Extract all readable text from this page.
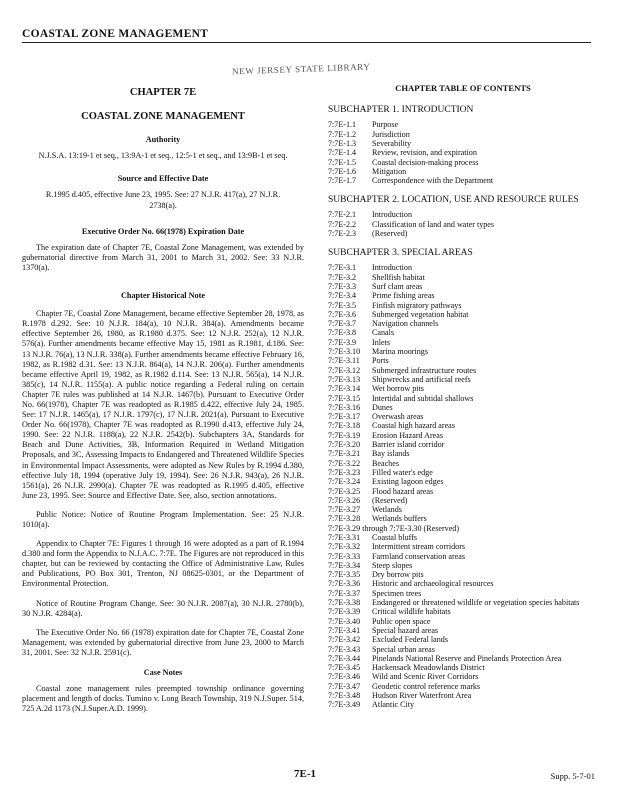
COASTAL ZONE MANAGEMENT
NEW JERSEY STATE LIBRARY
CHAPTER 7E
COASTAL ZONE MANAGEMENT
Authority

N.J.S.A. 13:19-1 et seq., 13:9A-1 et seq., 12:5-1 et seq., and 13:9B-1 et seq.

Source and Effective Date

R.1995 d.405, effective June 23, 1995. See: 27 N.J.R. 417(a), 27 N.J.R. 2738(a).

Executive Order No. 66(1978) Expiration Date

The expiration date of Chapter 7E, Coastal Zone Management, was extended by gubernatorial directive from March 31, 2001 to March 31, 2002. See: 33 N.J.R. 1370(a).

Chapter Historical Note

Chapter 7E, Coastal Zone Management, became effective September 28, 1978, as R.1978 d.292. See: 10 N.J.R. 184(a), 10 N.J.R. 384(a). Amendments became effective September 26, 1980, as R.1980 d.375. See: 12 N.J.R. 252(a), 12 N.J.R. 576(a). Further amendments became effective May 15, 1981 as R.1981, d.186. See: 13 N.J.R. 76(a), 13 N.J.R. 338(a). Further amendments became effective February 16, 1982, as R.1982 d.31. See: 13 N.J.R. 864(a), 14 N.J.R. 206(a). Further amendments became effective April 19, 1982, as R.1982 d.114. See: 13 N.J.R. 565(a), 14 N.J.R. 385(c), 14 N.J.R. 1155(a). A public notice regarding a Federal ruling on certain Chapter 7E rules was published at 14 N.J.R. 1467(b). Pursuant to Executive Order No. 66(1978), Chapter 7E was readopted as R.1985 d.422, effective July 24, 1985. See: 17 N.J.R. 1465(a), 17 N.J.R. 1797(c), 17 N.J.R. 2021(a). Pursuant to Executive Order No. 66(1978), Chapter 7E was readopted as R.1990 d.413, effective July 24, 1990. See: 22 N.J.R. 1188(a), 22 N.J.R. 2542(b). Subchapters 3A, Standards for Beach and Dune Activities, 3B, Information Required in Wetland Mitigation Proposals, and 3C, Assessing Impacts to Endangered and Threatened Wildlife Species in Environmental Impact Assessments, were adopted as New Rules by R.1994 d.380, effective July 18, 1994 (operative July 19, 1994). See: 26 N.J.R. 943(a), 26 N.J.R. 1561(a), 26 N.J.R. 2990(a). Chapter 7E was readopted as R.1995 d.405, effective June 23, 1995. See: Source and Effective Date. See, also, section annotations.

Public Notice: Notice of Routine Program Implementation. See: 25 N.J.R. 1010(a).

Appendix to Chapter 7E: Figures 1 through 16 were adopted as a part of R.1994 d.380 and form the Appendix to N.J.A.C. 7:7E. The Figures are not reproduced in this chapter, but can be reviewed by contacting the Office of Administrative Law, Rules and Publications, PO Box 301, Trenton, NJ 08625-0301, or the Department of Environmental Protection.

Notice of Routine Program Change. See: 30 N.J.R. 2087(a), 30 N.J.R. 2780(b), 30 N.J.R. 4284(a).

The Executive Order No. 66 (1978) expiration date for Chapter 7E, Coastal Zone Management, was extended by gubernatorial directive from June 23, 2000 to March 31, 2001. See: 32 N.J.R. 2591(c).

Case Notes

Coastal zone management rules preempted township ordinance governing placement and length of docks. Tumino v. Long Beach Township, 319 N.J.Super. 514, 725 A.2d 1173 (N.J.Super.A.D. 1999).

CHAPTER TABLE OF CONTENTS

SUBCHAPTER 1. INTRODUCTION

7:7E-1.1	Purpose
7:7E-1.2	Jurisdiction
7:7E-1.3	Severability
7:7E-1.4	Review, revision, and expiration
7:7E-1.5	Coastal decision-making process
7:7E-1.6	Mitigation
7:7E-1.7	Correspondence with the Department

SUBCHAPTER 2. LOCATION, USE AND RESOURCE RULES

7:7E-2.1	Introduction
7:7E-2.2	Classification of land and water types
7:7E-2.3	(Reserved)

SUBCHAPTER 3. SPECIAL AREAS

7:7E-3.1	Introduction
7:7E-3.2	Shellfish habitat
7:7E-3.3	Surf clam areas
7:7E-3.4	Prime fishing areas
7:7E-3.5	Finfish migratory pathways
7:7E-3.6	Submerged vegetation habitat
7:7E-3.7	Navigation channels
7:7E-3.8	Canals
7:7E-3.9	Inlets
7:7E-3.10	Marina moorings
7:7E-3.11	Ports
7:7E-3.12	Submerged infrastructure routes
7:7E-3.13	Shipwrecks and artificial reefs
7:7E-3.14	Wet borrow pits
7:7E-3.15	Intertidal and subtidal shallows
7:7E-3.16	Dunes
7:7E-3.17	Overwash areas
7:7E-3.18	Coastal high hazard areas
7:7E-3.19	Erosion Hazard Areas
7:7E-3.20	Barrier island corridor
7:7E-3.21	Bay islands
7:7E-3.22	Beaches
7:7E-3.23	Filled water's edge
7:7E-3.24	Existing lagoon edges
7:7E-3.25	Flood hazard areas
7:7E-3.26	(Reserved)
7:7E-3.27	Wetlands
7:7E-3.28	Wetlands buffers
7:7E-3.29 through 7:7E-3.30 (Reserved)
7:7E-3.31	Coastal bluffs
7:7E-3.32	Intermittent stream corridors
7:7E-3.33	Farmland conservation areas
7:7E-3.34	Steep slopes
7:7E-3.35	Dry borrow pits
7:7E-3.36	Historic and archaeological resources
7:7E-3.37	Specimen trees
7:7E-3.38	Endangered or threatened wildlife or vegetation species habitats
7:7E-3.39	Critical wildlife habitats
7:7E-3.40	Public open space
7:7E-3.41	Special hazard areas
7:7E-3.42	Excluded Federal lands
7:7E-3.43	Special urban areas
7:7E-3.44	Pinelands National Reserve and Pinelands Protection Area
7:7E-3.45	Hackensack Meadowlands District
7:7E-3.46	Wild and Scenic River Corridors
7:7E-3.47	Geodetic control reference marks
7:7E-3.48	Hudson River Waterfront Area
7:7E-3.49	Atlantic City
7E-1	Supp. 5-7-01
